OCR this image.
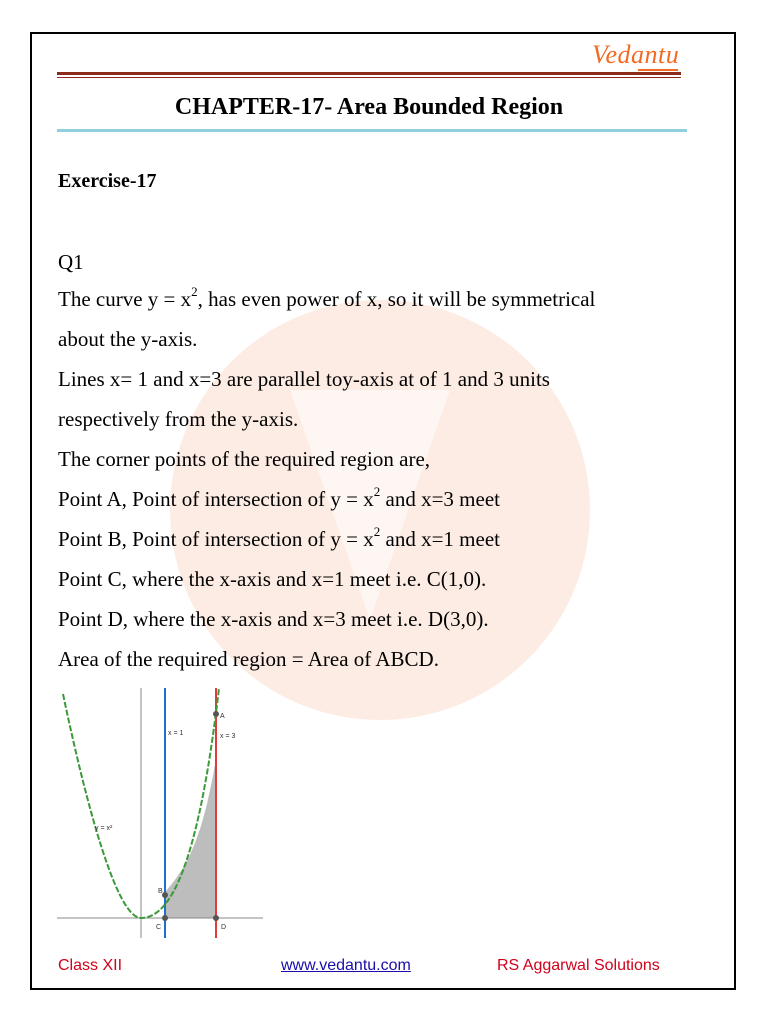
Vedantu
CHAPTER-17- Area Bounded Region
Exercise-17
Q1
The curve $y = x^2$, has even power of x, so it will be symmetrical
about the y-axis.
Lines x= 1 and x=3 are parallel toy-axis at of 1 and 3 units
respectively from the y-axis.
The corner points of the required region are,
Point A, Point of intersection of $y = x^2$ and x=3 meet
Point B, Point of intersection of $y = x^2$ and x=1 meet
Point C, where the x-axis and x=1 meet i.e. C(1,0).
Point D, where the x-axis and x=3 meet i.e. D(3,0).
Area of the required region = Area of ABCD.
A
B
C	D
x = 1	x = 3
y = x²
Class XII	www.vedantu.com	RS Aggarwal Solutions
